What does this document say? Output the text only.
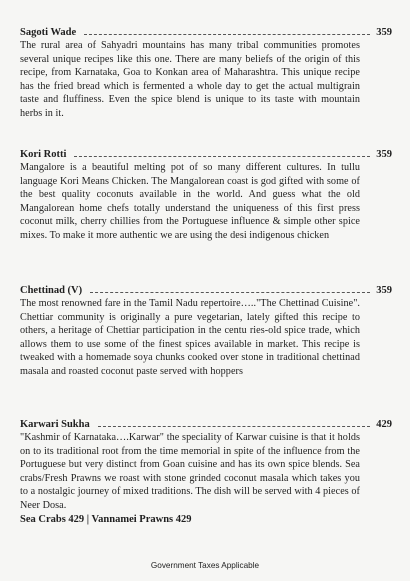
Sagoti Wade	359
The rural area of Sahyadri mountains has many tribal communities promotes several unique recipes like this one. There are many beliefs of the origin of this recipe, from Karnataka, Goa to Konkan area of Maharashtra. This unique recipe has the fried bread which is fermented a whole day to get the actual multigrain taste and fluffiness. Even the spice blend is unique to its taste with mountain herbs in it.
Kori Rotti	359
Mangalore is a beautiful melting pot of so many different cultures. In tullu language Kori Means Chicken. The Mangalorean coast is god gifted with some of the best quality coconuts available in the world. And guess what the old Mangalorean home chefs totally understand the uniqueness of this first press coconut milk, cherry chillies from the Portuguese influence & simple other spice mixes. To make it more authentic we are using the desi indigenous chicken
Chettinad (V)	359
The most renowned fare in the Tamil Nadu repertoire….."The Chettinad Cuisine". Chettiar community is originally a pure vegetarian, lately gifted this recipe to others, a heritage of Chettiar participation in the centu ries-old spice trade, which allows them to use some of the finest spices available in market. This recipe is tweaked with a homemade soya chunks cooked over stone in traditional chettinad masala and roasted coconut paste served with hoppers
Karwari Sukha	429
"Kashmir of Karnataka….Karwar" the speciality of Karwar cuisine is that it holds on to its traditional root from the time memorial in spite of the influence from the Portuguese but very distinct from Goan cuisine and has its own spice blends. Sea crabs/Fresh Prawns we roast with stone grinded coconut masala which takes you to a nostalgic journey of mixed traditions. The dish will be served with 4 pieces of Neer Dosa.
Sea Crabs 429 | Vannamei Prawns 429
Government Taxes Applicable
